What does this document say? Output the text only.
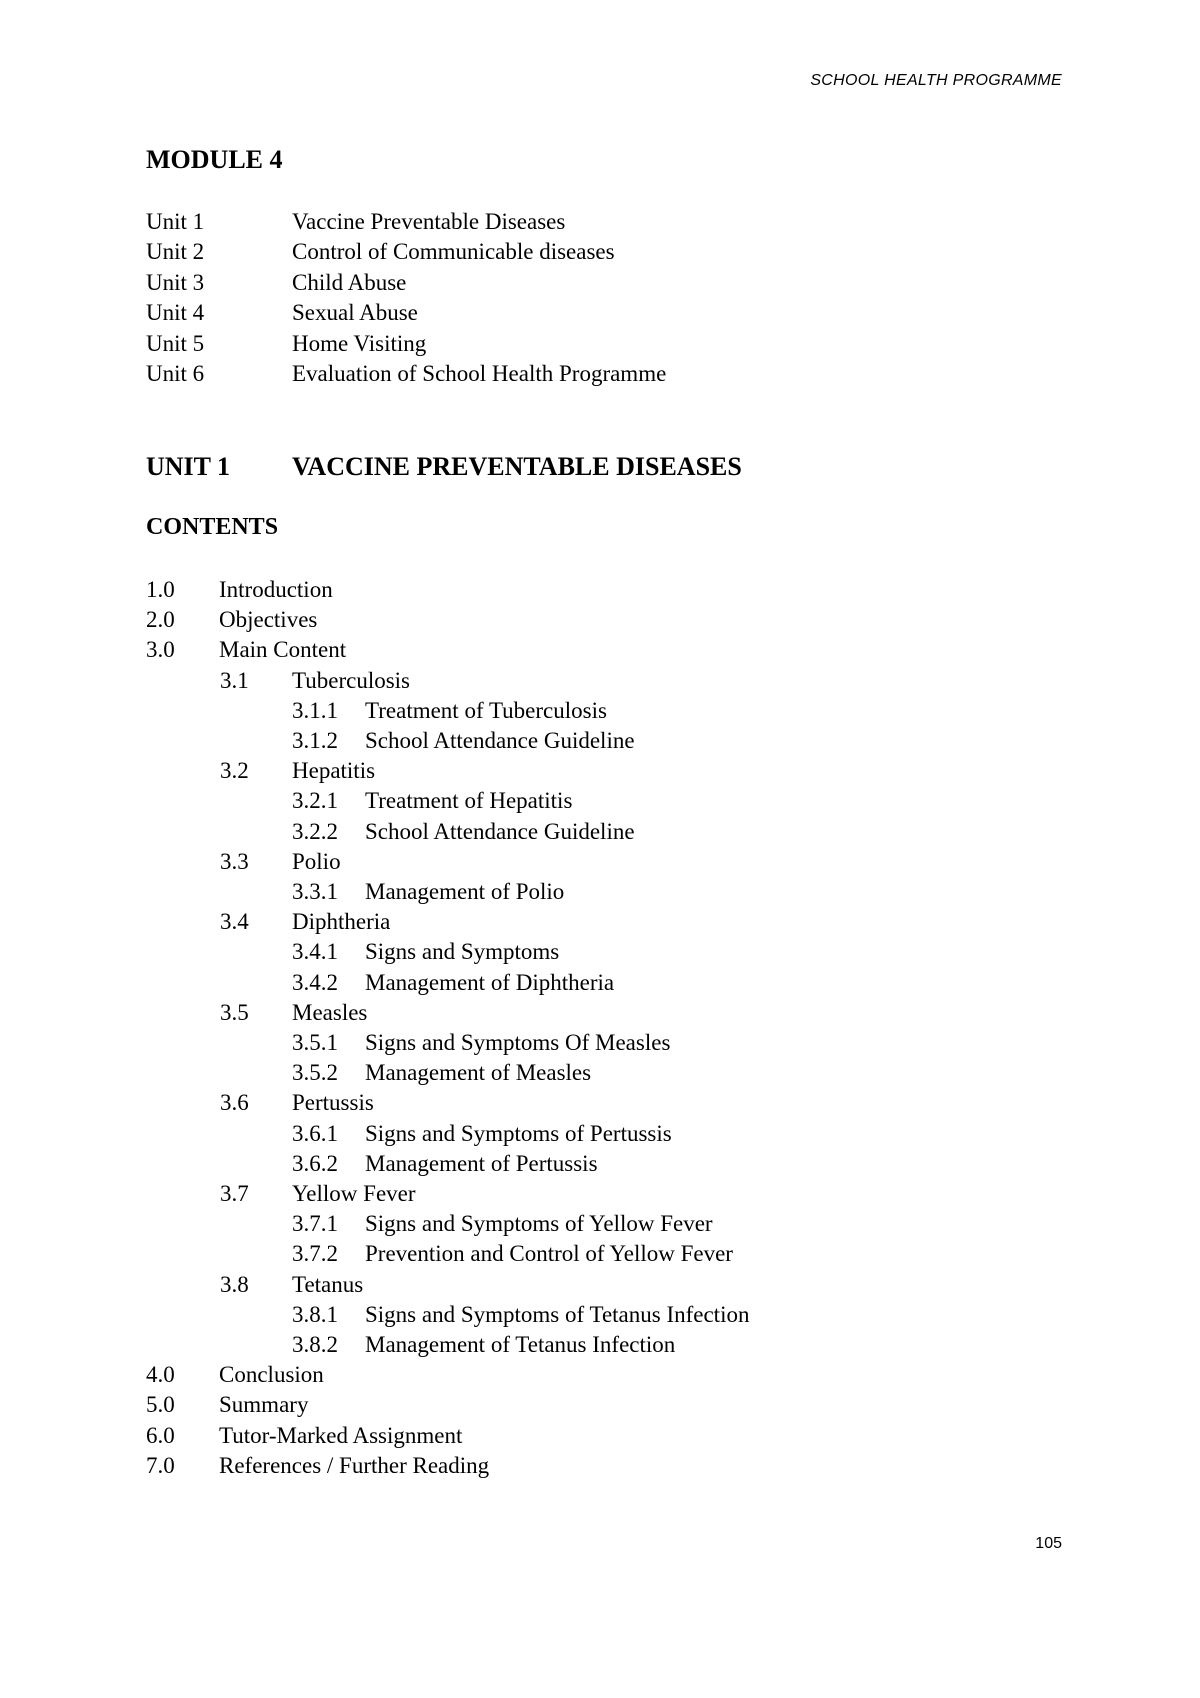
SCHOOL HEALTH PROGRAMME
MODULE 4
Unit 1	Vaccine Preventable Diseases
Unit 2	Control of Communicable diseases
Unit 3	Child Abuse
Unit 4	Sexual Abuse
Unit 5	Home Visiting
Unit 6	Evaluation of School Health Programme
UNIT 1	VACCINE PREVENTABLE DISEASES
CONTENTS
1.0	Introduction
2.0	Objectives
3.0	Main Content
3.1	Tuberculosis
3.1.1	Treatment of Tuberculosis
3.1.2	School Attendance Guideline
3.2	Hepatitis
3.2.1	Treatment of Hepatitis
3.2.2	School Attendance Guideline
3.3	Polio
3.3.1	Management of Polio
3.4	Diphtheria
3.4.1	Signs and Symptoms
3.4.2	Management of Diphtheria
3.5	Measles
3.5.1	Signs and Symptoms Of Measles
3.5.2	Management of Measles
3.6	Pertussis
3.6.1	Signs and Symptoms of Pertussis
3.6.2	Management of Pertussis
3.7	Yellow Fever
3.7.1	Signs and Symptoms of Yellow Fever
3.7.2	Prevention and Control of Yellow Fever
3.8	Tetanus
3.8.1	Signs and Symptoms of Tetanus Infection
3.8.2	Management of Tetanus Infection
4.0	Conclusion
5.0	Summary
6.0	Tutor-Marked Assignment
7.0	References / Further Reading
105
